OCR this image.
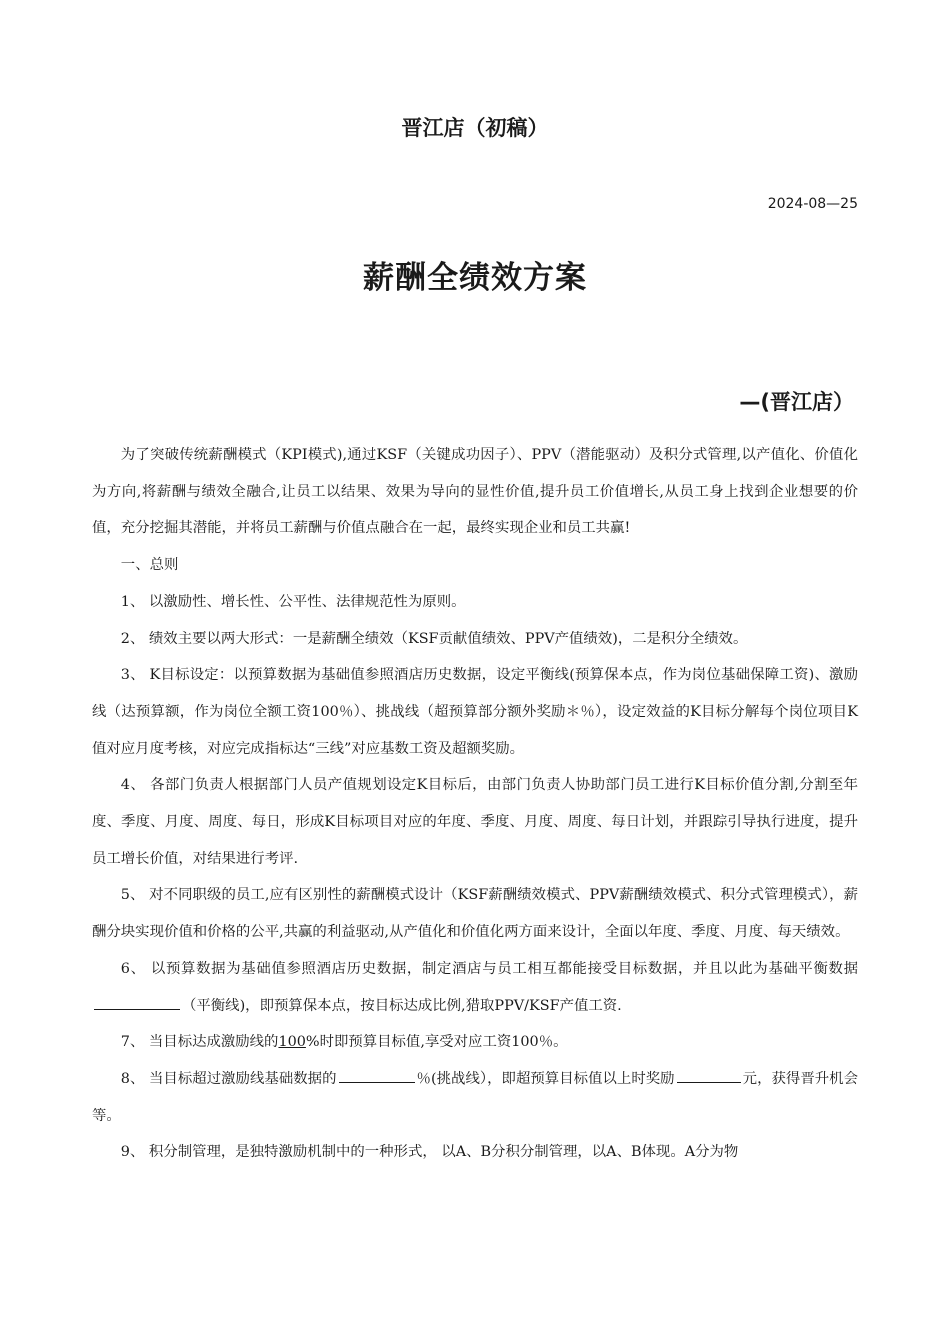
晋江店（初稿）
2024-08—25
薪酬全绩效方案
—(晋江店）

为了突破传统薪酬模式（KPI模式),通过KSF（关键成功因子）、PPV（潜能驱动）及积分式管理,以产值化、价值化为方向,将薪酬与绩效全融合,让员工以结果、效果为导向的显性价值,提升员工价值增长,从员工身上找到企业想要的价值，充分挖掘其潜能，并将员工薪酬与价值点融合在一起，最终实现企业和员工共赢!

一、总则

1、 以激励性、增长性、公平性、法律规范性为原则。

2、 绩效主要以两大形式：一是薪酬全绩效（KSF贡献值绩效、PPV产值绩效)，二是积分全绩效。

3、 K目标设定：以预算数据为基础值参照酒店历史数据，设定平衡线(预算保本点，作为岗位基础保障工资)、激励线（达预算额，作为岗位全额工资100％）、挑战线（超预算部分额外奖励＊％），设定效益的K目标分解每个岗位项目K值对应月度考核，对应完成指标达“三线”对应基数工资及超额奖励。

4、 各部门负责人根据部门人员产值规划设定K目标后，由部门负责人协助部门员工进行K目标价值分割,分割至年度、季度、月度、周度、每日，形成K目标项目对应的年度、季度、月度、周度、每日计划，并跟踪引导执行进度，提升员工增长价值，对结果进行考评.

5、 对不同职级的员工,应有区别性的薪酬模式设计（KSF薪酬绩效模式、PPV薪酬绩效模式、积分式管理模式），薪酬分块实现价值和价格的公平,共赢的利益驱动,从产值化和价值化两方面来设计，全面以年度、季度、月度、每天绩效。

6、 以预算数据为基础值参照酒店历史数据，制定酒店与员工相互都能接受目标数据，并且以此为基础平衡数据（平衡线)，即预算保本点，按目标达成比例,猎取PPV/KSF产值工资.

7、 当目标达成激励线的100%时即预算目标值,享受对应工资100％。

8、 当目标超过激励线基础数据的	％(挑战线），即超预算目标值以上时奖励	元，获得晋升机会等。

9、 积分制管理，是独特激励机制中的一种形式， 以A、B分积分制管理，以A、B体现。A分为物
